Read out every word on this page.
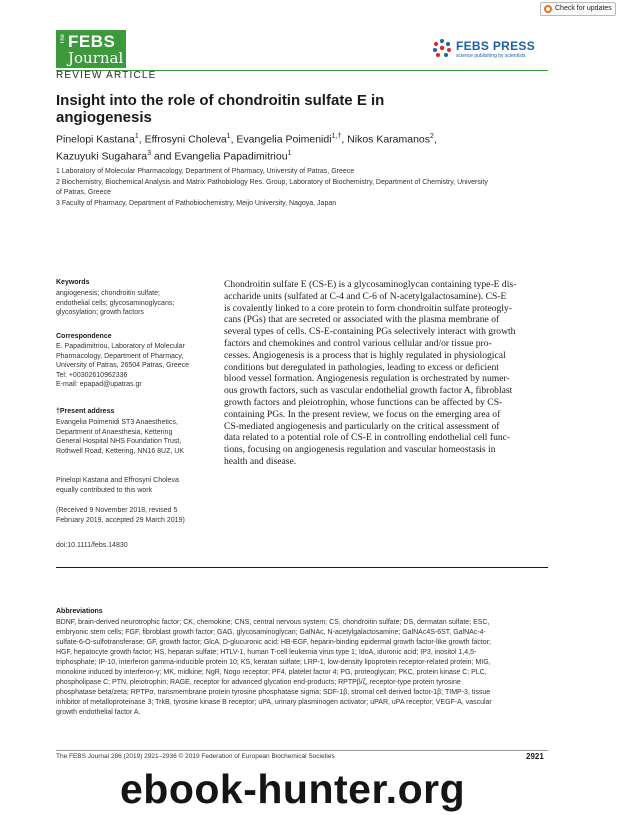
Check for updates
The FEBS
Journal
FEBS PRESS
science publishing by scientists
REVIEW ARTICLE
Insight into the role of chondroitin sulfate E in
angiogenesis
Pinelopi Kastana$^1$, Effrosyni Choleva$^1$, Evangelia Poimenidi$^{1,\dagger}$, Nikos Karamanos$^2$,
Kazuyuki Sugahara$^3$ and Evangelia Papadimitriou$^1$
1 Laboratory of Molecular Pharmacology, Department of Pharmacy, University of Patras, Greece
2 Biochemistry, Biochemical Analysis and Matrix Pathobiology Res. Group, Laboratory of Biochemistry, Department of Chemistry, University
of Patras, Greece
3 Faculty of Pharmacy, Department of Pathobiochemistry, Meijo University, Nagoya, Japan
Keywords
angiogenesis; chondroitin sulfate;
endothelial cells; glycosaminoglycans;
glycosylation; growth factors
Correspondence
E. Papadimitriou, Laboratory of Molecular
Pharmacology, Department of Pharmacy,
University of Patras, 26504 Patras, Greece
Tel: +00302610962336
E-mail: epapad@upatras.gr
†Present address
Evangelia Poimenidi ST3 Anaesthetics,
Department of Anaesthesia, Kettering
General Hospital NHS Foundation Trust,
Rothwell Road, Kettering, NN16 8UZ, UK
Pinelopi Kastana and Effrosyni Choleva
equally contributed to this work
(Received 9 November 2018, revised 5
February 2019, accepted 29 March 2019)
doi:10.1111/febs.14830
Chondroitin sulfate E (CS-E) is a glycosaminoglycan containing type-E dis-
accharide units (sulfated at C-4 and C-6 of N-acetylgalactosamine). CS-E
is covalently linked to a core protein to form chondroitin sulfate proteogly-
cans (PGs) that are secreted or associated with the plasma membrane of
several types of cells. CS-E-containing PGs selectively interact with growth
factors and chemokines and control various cellular and/or tissue pro-
cesses. Angiogenesis is a process that is highly regulated in physiological
conditions but deregulated in pathologies, leading to excess or deficient
blood vessel formation. Angiogenesis regulation is orchestrated by numer-
ous growth factors, such as vascular endothelial growth factor A, fibroblast
growth factors and pleiotrophin, whose functions can be affected by CS-
containing PGs. In the present review, we focus on the emerging area of
CS-mediated angiogenesis and particularly on the critical assessment of
data related to a potential role of CS-E in controlling endothelial cell func-
tions, focusing on angiogenesis regulation and vascular homeostasis in
health and disease.
Abbreviations
BDNF, brain-derived neurotrophic factor; CK, chemokine; CNS, central nervous system; CS, chondroitin sulfate; DS, dermatan sulfate; ESC,
embryonic stem cells; FGF, fibroblast growth factor; GAG, glycosaminoglycan; GalNAc, N-acetylgalactosamine; GalNAc4S-6ST, GalNAc-4-
sulfate-6-O-sulfotransferase; GF, growth factor; GlcA, D-glucuronic acid; HB-EGF, heparin-binding epidermal growth factor-like growth factor;
HGF, hepatocyte growth factor; HS, heparan sulfate; HTLV-1, human T-cell leukemia virus type 1; IdoA, iduronic acid; IP3, inositol 1,4,5-
triphosphate; IP-10, interferon gamma-inducible protein 10; KS, keratan sulfate; LRP-1, low-density lipoprotein receptor-related protein; MIG,
monokine induced by interferon-γ; MK, midkine; NgR, Nogo receptor; PF4, platelet factor 4; PG, proteoglycan; PKC, protein kinase C; PLC,
phospholipase C; PTN, pleiotrophin; RAGE, receptor for advanced glycation end-products; RPTPβ/ζ, receptor-type protein tyrosine
phosphatase beta/zeta; RPTPσ, transmembrane protein tyrosine phosphatase sigma; SDF-1β, stromal cell derived factor-1β; TIMP-3, tissue
inhibitor of metalloproteinase 3; TrkB, tyrosine kinase B receptor; uPA, urinary plasminogen activator; uPAR, uPA receptor; VEGF-A, vascular
growth endothelial factor A.
The FEBS Journal 286 (2019) 2921–2936 © 2019 Federation of European Biochemical Societies	2921
ebook-hunter.org
